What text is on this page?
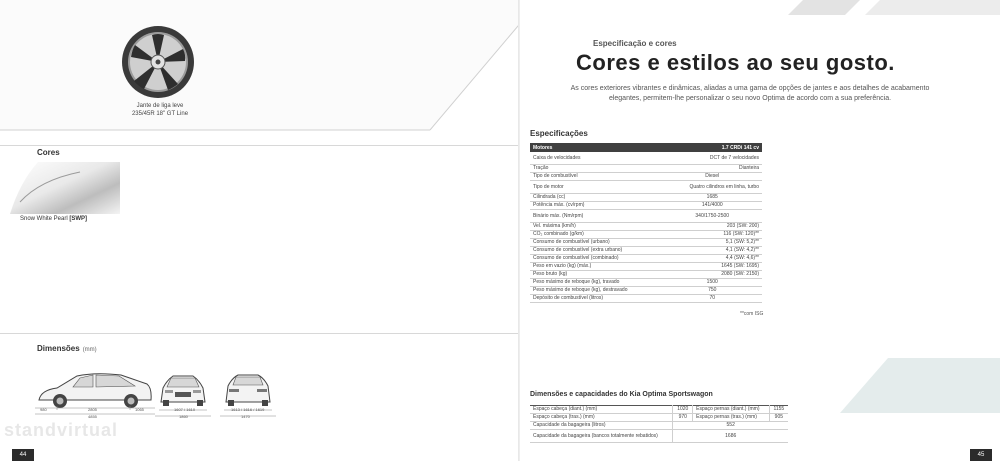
Jante de liga leve
235/45R 18" GT Line
Cores
Snow White Pearl [SWP]
Dimensões (mm)
980	2805	1065
4855
1607 / 1610
1860
1613 / 1616 / 1619
1470
standvirtual
44	45
Especificação e cores
Cores e estilos ao seu gosto.
As cores exteriores vibrantes e dinâmicas, aliadas a uma gama de opções de jantes e aos detalhes de acabamento elegantes, permitem-lhe personalizar o seu novo Optima de acordo com a sua preferência.
Especificações
Motores	1.7 CRDi 141 cv
Caixa de velocidades	DCT de 7 velocidades
Tração	Dianteira
Tipo de combustível	Diesel
Tipo de motor	Quatro cilindros em linha, turbo
Cilindrada (cc)	1685
Potência máx. (cv/rpm)	141/4000
Binário máx. (Nm/rpm)	340/1750-2500
Vel. máxima (km/h)	203 (SW: 200)
CO₂ combinado (g/km)	116 (SW: 120)**
Consumo de combustível (urbano)	5,1 (SW: 5,2)**
Consumo de combustível (extra urbano)	4,1 (SW: 4,2)**
Consumo de combustível (combinado)	4,4 (SW: 4,6)**
Peso em vazio (kg) (máx.)	1645 (SW: 1695)
Peso bruto (kg)	2080 (SW: 2150)
Peso máximo de reboque (kg), travado	1500
Peso máximo de reboque (kg), destravado	750
Depósito de combustível (litros)	70
**com ISG
Dimensões e capacidades do Kia Optima Sportswagon
Espaço cabeça (diant.) (mm)	1020	Espaço pernas (diant.) (mm)	1155
Espaço cabeça (tras.) (mm)	970	Espaço pernas (tras.) (mm)	905
Capacidade da bagageira (litros)	552		
Capacidade da bagageira (bancos totalmente rebatidos)	1686		
